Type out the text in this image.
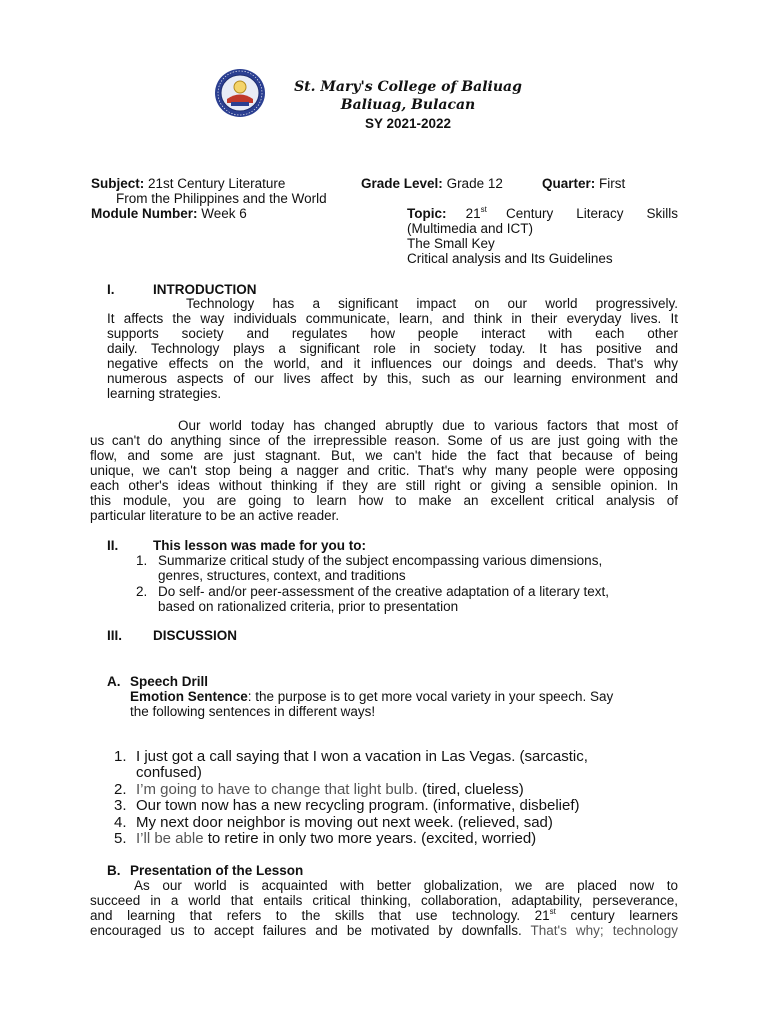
St. Mary's College of Baliuag
Baliuag, Bulacan
SY 2021-2022
Subject: 21st Century Literature	Grade Level: Grade 12	Quarter: First
From the Philippines and the World
Module Number: Week 6	Topic: 21st Century Literacy Skills
(Multimedia and ICT)
The Small Key
Critical analysis and Its Guidelines
I.	INTRODUCTION
Technology has a significant impact on our world progressively.
It affects the way individuals communicate, learn, and think in their everyday lives. It
supports society and regulates how people interact with each other
daily. Technology plays a significant role in society today. It has positive and
negative effects on the world, and it influences our doings and deeds. That's why
numerous aspects of our lives affect by this, such as our learning environment and
learning strategies.
Our world today has changed abruptly due to various factors that most of
us can't do anything since of the irrepressible reason. Some of us are just going with the
flow, and some are just stagnant. But, we can't hide the fact that because of being
unique, we can't stop being a nagger and critic. That's why many people were opposing
each other's ideas without thinking if they are still right or giving a sensible opinion. In
this module, you are going to learn how to make an excellent critical analysis of
particular literature to be an active reader.
II.	This lesson was made for you to:
1. Summarize critical study of the subject encompassing various dimensions,
genres, structures, context, and traditions
2. Do self- and/or peer-assessment of the creative adaptation of a literary text,
based on rationalized criteria, prior to presentation
III. DISCUSSION
A. Speech Drill
Emotion Sentence: the purpose is to get more vocal variety in your speech. Say
the following sentences in different ways!
1. I just got a call saying that I won a vacation in Las Vegas. (sarcastic,
confused)
2. I’m going to have to change that light bulb. (tired, clueless)
3. Our town now has a new recycling program. (informative, disbelief)
4. My next door neighbor is moving out next week. (relieved, sad)
5. I’ll be able to retire in only two more years. (excited, worried)
B. Presentation of the Lesson
As our world is acquainted with better globalization, we are placed now to
succeed in a world that entails critical thinking, collaboration, adaptability, perseverance,
and learning that refers to the skills that use technology. 21st century learners
encouraged us to accept failures and be motivated by downfalls. That's why; technology
